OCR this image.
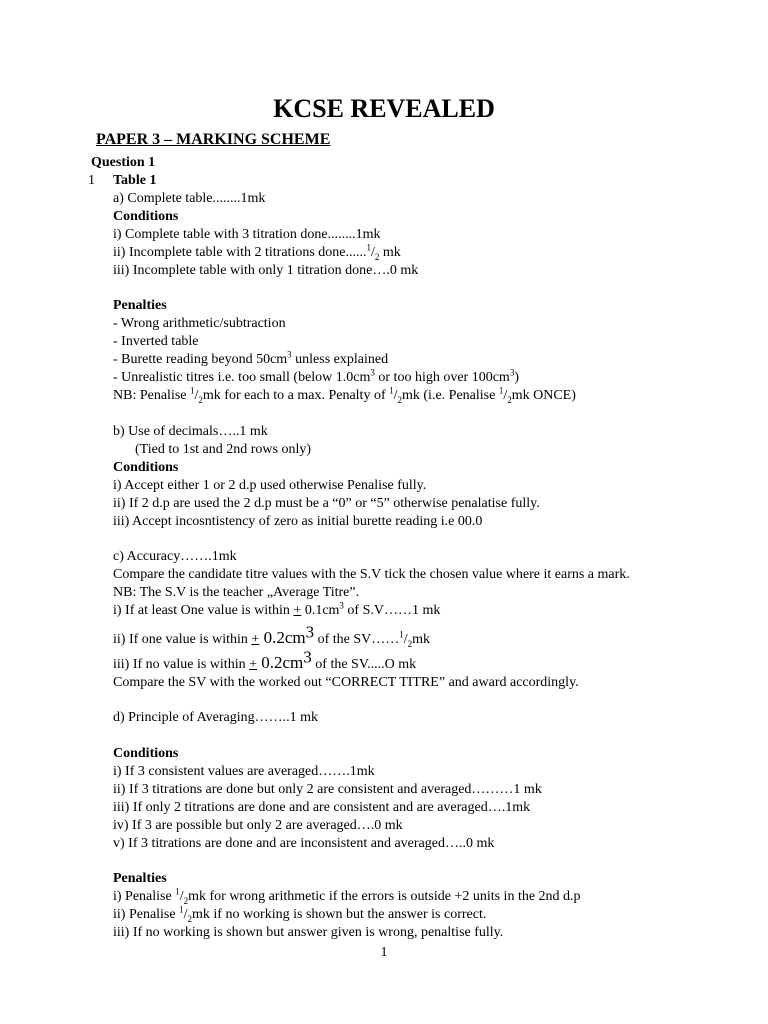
KCSE REVEALED
PAPER 3 – MARKING SCHEME
Question 1
1 Table 1
a) Complete table........1mk
Conditions
i) Complete table with 3 titration done........1mk
ii) Incomplete table with 2 titrations $done......^1/_2$ mk
iii) Incomplete table with only 1 titration done….0 mk
Penalties
- Wrong arithmetic/subtraction
- Inverted table
- Burette reading beyond $50cm^3$ unless explained
- Unrealistic titres i.e. too small (below $1.0cm^3$ or too high over $100cm^3$)
NB: Penalise $^1/_2mk$ for each to a max. Penalty of $^1/_2mk$ (i.e. Penalise $^1/_2mk$ ONCE)
b) Use of decimals…..1 mk
(Tied to 1st and 2nd rows only)
Conditions
i) Accept either 1 or 2 d.p used otherwise Penalise fully.
ii) If 2 d.p are used the 2 d.p must be a “0” or “5” otherwise penalatise fully.
iii) Accept incosntistency of zero as initial burette reading i.e 00.0
c) Accuracy…….1mk
Compare the candidate titre values with the S.V tick the chosen value where it earns a mark.
NB: The S.V is the teacher „Average Titre”.
i) If at least One value is within + $0.1cm^3$ of S.V……1 mk
ii) If one value is within + $0.2cm^3$ of the $SV\dots\dots^1/_2mk$
iii) If no value is within + $0.2cm^3$ of the SV.....O mk
Compare the SV with the worked out “CORRECT TITRE” and award accordingly.
d) Principle of Averaging……..1 mk
Conditions
i) If 3 consistent values are averaged…….1mk
ii) If 3 titrations are done but only 2 are consistent and averaged………1 mk
iii) If only 2 titrations are done and are consistent and are averaged….1mk
iv) If 3 are possible but only 2 are averaged….0 mk
v) If 3 titrations are done and are inconsistent and averaged…..0 mk
Penalties
i) Penalise $^1/_2mk$ for wrong arithmetic if the errors is outside +2 units in the 2nd d.p
ii) Penalise $^1/_2mk$ if no working is shown but the answer is correct.
iii) If no working is shown but answer given is wrong, penaltise fully.
1
